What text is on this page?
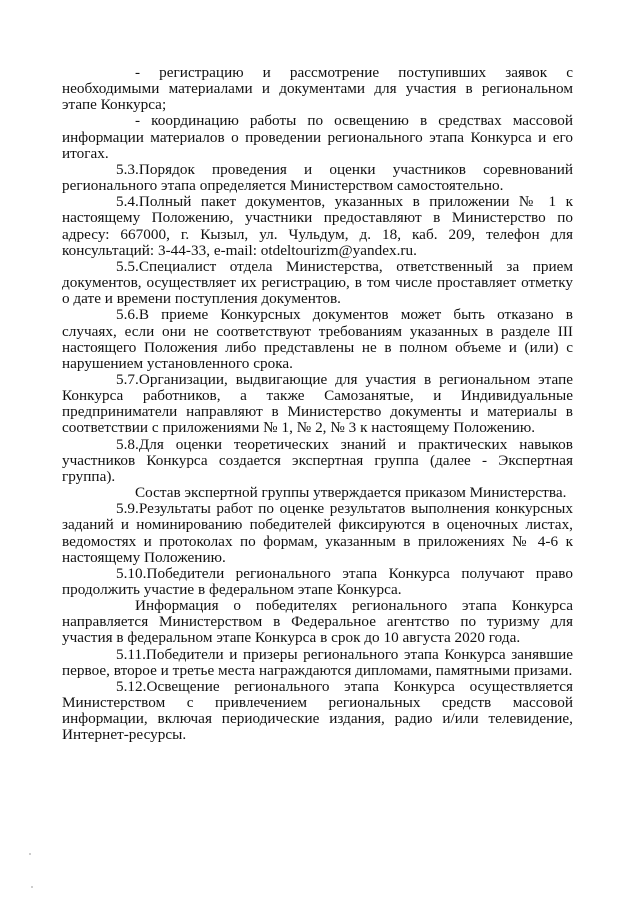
- регистрацию и рассмотрение поступивших заявок с необходимыми материалами и документами для участия в региональном этапе Конкурса;

- координацию работы по освещению в средствах массовой информации материалов о проведении регионального этапа Конкурса и его итогах.

5.3.Порядок проведения и оценки участников соревнований регионального этапа определяется Министерством самостоятельно.

5.4.Полный пакет документов, указанных в приложении № 1 к настоящему Положению, участники предоставляют в Министерство по адресу: 667000, г. Кызыл, ул. Чульдум, д. 18, каб. 209, телефон для консультаций: 3-44-33, e-mail: otdeltourizm@yandex.ru.

5.5.Специалист отдела Министерства, ответственный за прием документов, осуществляет их регистрацию, в том числе проставляет отметку о дате и времени поступления документов.

5.6.В приеме Конкурсных документов может быть отказано в случаях, если они не соответствуют требованиям указанных в разделе III настоящего Положения либо представлены не в полном объеме и (или) с нарушением установленного срока.

5.7.Организации, выдвигающие для участия в региональном этапе Конкурса работников, а также Самозанятые, и Индивидуальные предприниматели направляют в Министерство документы и материалы в соответствии с приложениями № 1, № 2, № 3 к настоящему Положению.

5.8.Для оценки теоретических знаний и практических навыков участников Конкурса создается экспертная группа (далее - Экспертная группа).

Состав экспертной группы утверждается приказом Министерства.

5.9.Результаты работ по оценке результатов выполнения конкурсных заданий и номинированию победителей фиксируются в оценочных листах, ведомостях и протоколах по формам, указанным в приложениях № 4-6 к настоящему Положению.

5.10.Победители регионального этапа Конкурса получают право продолжить участие в федеральном этапе Конкурса.

Информация о победителях регионального этапа Конкурса направляется Министерством в Федеральное агентство по туризму для участия в федеральном этапе Конкурса в срок до 10 августа 2020 года.

5.11.Победители и призеры регионального этапа Конкурса занявшие первое, второе и третье места награждаются дипломами, памятными призами.

5.12.Освещение регионального этапа Конкурса осуществляется Министерством с привлечением региональных средств массовой информации, включая периодические издания, радио и/или телевидение, Интернет-ресурсы.
